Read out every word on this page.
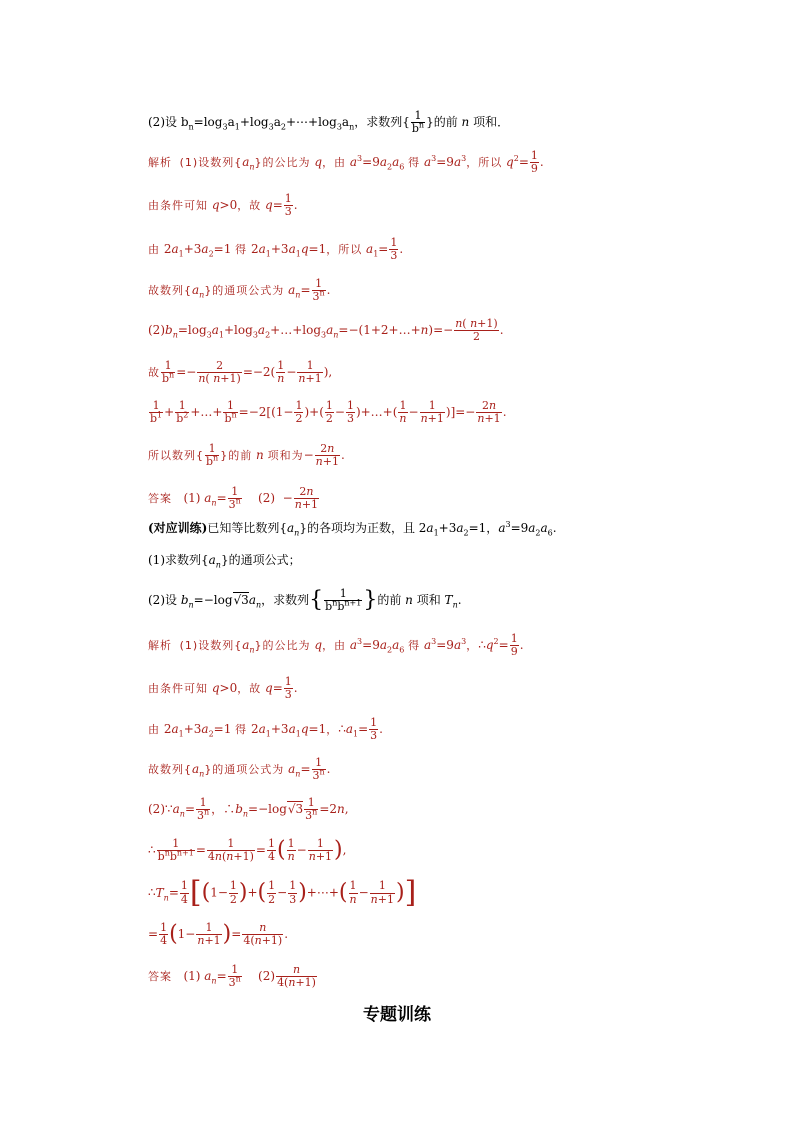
(2)设 $b_n=\log_3a_1+\log_3a_2+\cdots+\log_3a_n$，求数列{ $\frac{1}{b^n}$ }的前 n 项和．
解析 (1)设数列$\{a_n\}$的公比为 q，由 $a^3=9a_2a_6$ 得 $a^3=9a^3$，所以 $q^2= \frac{1}{9}$ .
由条件可知 q>0，故 $q= \frac{1}{3}$ .
由 $2a_1+3a_2=1$ 得 $2a_1+3a_1q=1$，所以 $a_1= \frac{1}{3}$ .
故数列$\{a_n\}$的通项公式为 $a_n= \frac{1}{3^n}$ .
$(2)b_n=\log_3a_1+\log_3a_2+\dots+\log_3a_n=-(1+2+\dots+n)=- \frac{n( n+1)}{2}$ .
故 $\frac{1}{b^n} =- \frac{2}{n( n+1)} =-2( \frac{1}{n} - \frac{1}{n+1}$ ),
$\frac{1}{b^1} + \frac{1}{b^2}$ +…+ $\frac{1}{b^n} =-2[(1- \frac{1}{2}$ )+( $\frac{1}{2} - \frac{1}{3}$ )+…+( $\frac{1}{n} - \frac{1}{n+1}$ )]=− $\frac{2n}{n+1}$ .
所以数列{ $\frac{1}{b^n}$ }的前 n 项和为− $\frac{2n}{n+1}$ .
答案   (1) $a_n= \frac{1}{3^n} (2) - \frac{2n}{n+1}$
(对应训练)已知等比数列$\{a_n\}$的各项均为正数，且 $2a_1+3a_2=1$，$a^3=9a_2a_6$.
(1)求数列$\{a_n\}$的通项公式；
(2)设 $b_n=-\log√3a_n$，求数列{ $\frac{1}{b^nb^{n+1}}$ }的前 n 项和 $T_n$.
解析 (1)设数列$\{a_n\}$的公比为 q，由 $a^3=9a_2a_6$ 得 $a^3=9a^3$，$\therefore q^2= \frac{1}{9}$ .
由条件可知 q>0，故 $q= \frac{1}{3}$ .
由 $2a_1+3a_2=1$ 得 $2a_1+3a_1q=1$，$\therefore a_1= \frac{1}{3}$ .
故数列$\{a_n\}$的通项公式为 $a_n= \frac{1}{3^n}$ .
$(2)\because a_n= \frac{1}{3^n}$ ，$\therefore b_n=-\log√3 \frac{1}{3^n} =2n$,
∴ $\frac{1}{b^nb^{n+1}} = \frac{1}{4n(n+1)} = \frac{1}{4}$ ( $\frac{1}{n} - \frac{1}{n+1}$ ),
$\therefore T_n= \frac{1}{4} [(1- \frac{1}{2}$ )+( $\frac{1}{2} - \frac{1}{3}$ )+⋯+( $\frac{1}{n} - \frac{1}{n+1}$ )]
= $\frac{1}{4} (1- \frac{1}{n+1}$ )= $\frac{n}{4(n+1)}$ .
答案   (1) $a_n= \frac{1}{3^n} (2) \frac{n}{4(n+1)}$
专题训练
